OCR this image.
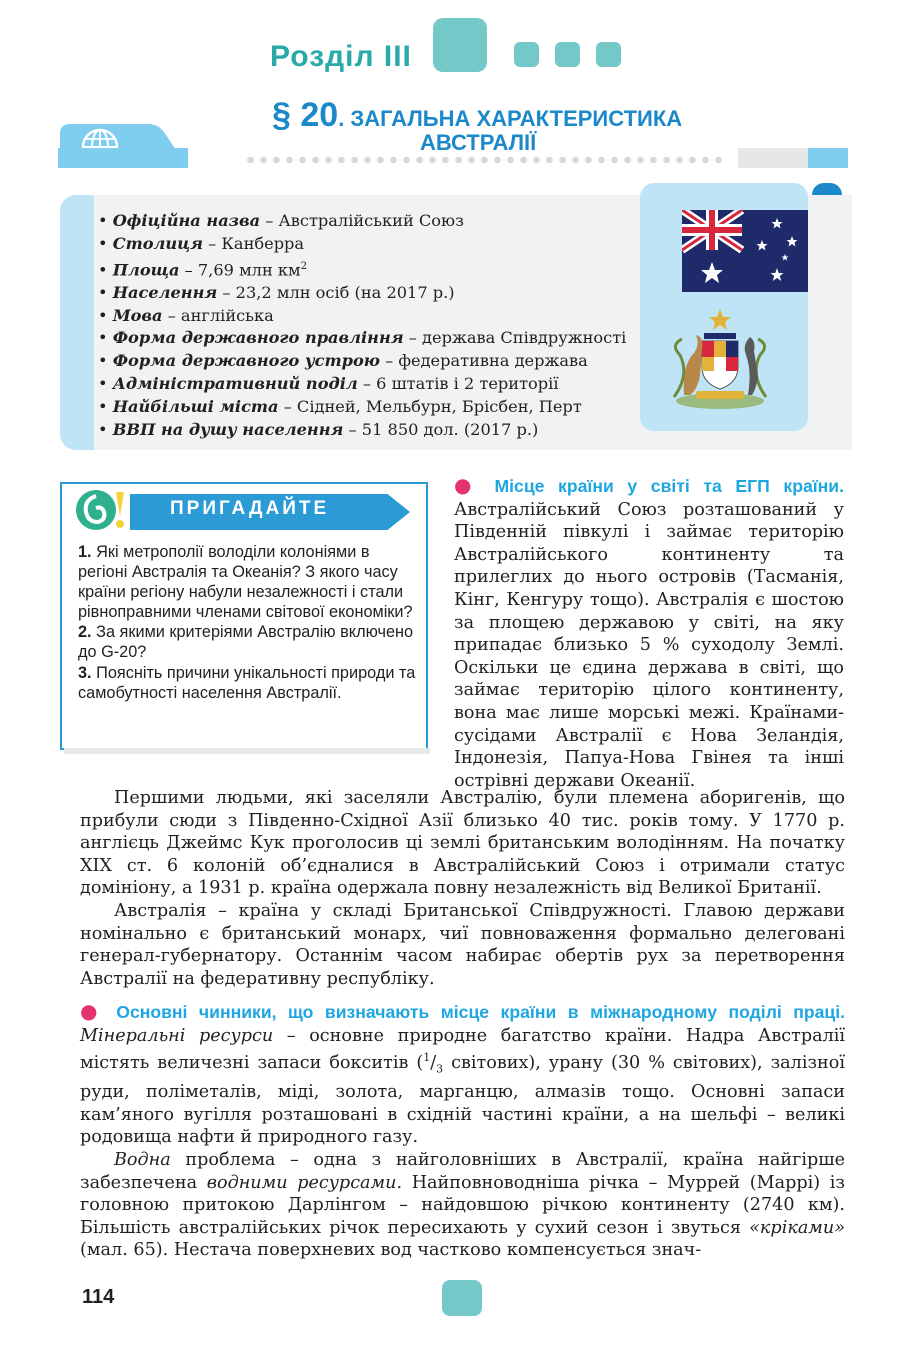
Розділ ІІІ
§ 20. ЗАГАЛЬНА ХАРАКТЕРИСТИКА
АВСТРАЛІЇ
• Офіційна назва – Австралійський Союз
• Столиця – Канберра
• Площа – 7,69 млн $км^2$
• Населення – 23,2 млн осіб (на 2017 р.)
• Мова – англійська
• Форма державного правління – держава Співдружності
• Форма державного устрою – федеративна держава
• Адміністративний поділ – 6 штатів і 2 території
• Найбільші міста – Сідней, Мельбурн, Брісбен, Перт
• ВВП на душу населення – 51 850 дол. (2017 р.)
ПРИГАДАЙТЕ

1. Які метрополії володіли колоніями в регіоні Австралія та Океанія? З якого часу країни регіону набули незалежності і стали рівноправними членами світової економіки?

2. За якими критеріями Австралію включено до G-20?

3. Поясніть причини унікальності природи та самобутності населення Австралії.

● Місце країни у світі та ЕГП країни. Австралійський Союз розташований у Південній півкулі і займає територію Австралійського континенту та прилеглих до нього островів (Тасманія, Кінг, Кенгуру тощо). Австралія є шостою за площею державою у світі, на яку припадає близько 5 % суходолу Землі. Оскільки це єдина держава в світі, що займає територію цілого континенту, вона має лише морські межі. Країнами-сусідами Австралії є Нова Зеландія, Індонезія, Папуа-Нова Гвінея та інші острівні держави Океанії.

Першими людьми, які заселяли Австралію, були племена аборигенів, що прибули сюди з Південно-Східної Азії близько 40 тис. років тому. У 1770 р. англієць Джеймс Кук проголосив ці землі британським володінням. На початку ХІХ ст. 6 колоній об’єдналися в Австралійський Союз і отримали статус домініону, а 1931 р. країна одержала повну незалежність від Великої Британії.

Австралія – країна у складі Британської Співдружності. Главою держави номінально є британський монарх, чиї повноваження формально делеговані генерал-губернатору. Останнім часом набирає обертів рух за перетворення Австралії на федеративну республіку.

● Основні чинники, що визначають місце країни в міжнародному поділі праці. Мінеральні ресурси – основне природне багатство країни. Надра Австралії містять величезні запаси бокситів ($^1/_3$ світових), урану (30 % світових), залізної руди, поліметалів, міді, золота, марганцю, алмазів тощо. Основні запаси кам’яного вугілля розташовані в східній частині країни, а на шельфі – великі родовища нафти й природного газу.

Водна проблема – одна з найголовніших в Австралії, країна найгірше забезпечена водними ресурсами. Найповноводніша річка – Муррей (Маррі) із головною притокою Дарлінгом – найдовшою річкою континенту (2740 км). Більшість австралійських річок пересихають у сухий сезон і звуться «кріками» (мал. 65). Нестача поверхневих вод частково компенсується знач-

114
